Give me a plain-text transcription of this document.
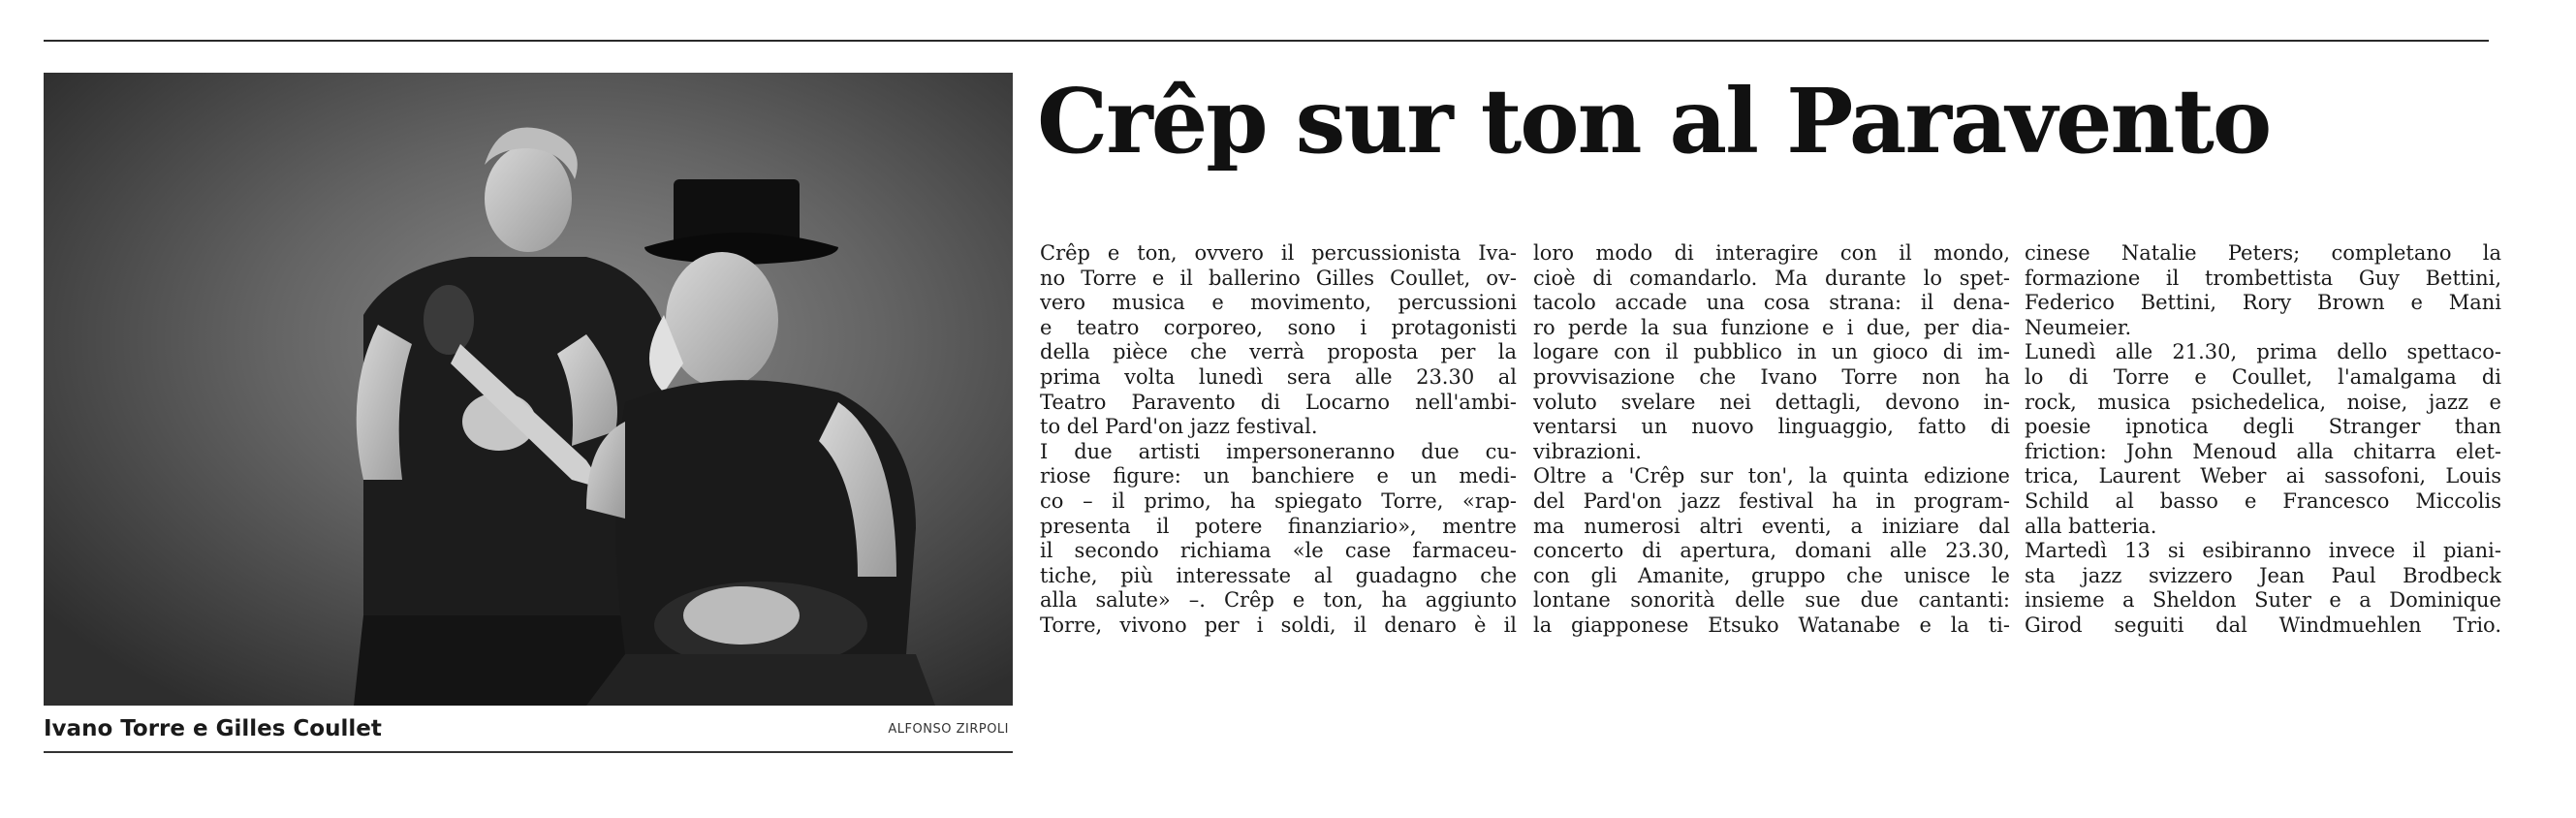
Ivano Torre e Gilles Coullet	ALFONSO ZIRPOLI
Crêp sur ton al Paravento
Crêp e ton, ovvero il percussionista Iva-
no Torre e il ballerino Gilles Coullet, ov-
vero musica e movimento, percussioni
e teatro corporeo, sono i protagonisti
della pièce che verrà proposta per la
prima volta lunedì sera alle 23.30 al
Teatro Paravento di Locarno nell'ambi-
to del Pard'on jazz festival.
I due artisti impersoneranno due cu-
riose figure: un banchiere e un medi-
co – il primo, ha spiegato Torre, «rap-
presenta il potere finanziario», mentre
il secondo richiama «le case farmaceu-
tiche, più interessate al guadagno che
alla salute» –. Crêp e ton, ha aggiunto
Torre, vivono per i soldi, il denaro è il
loro modo di interagire con il mondo,
cioè di comandarlo. Ma durante lo spet-
tacolo accade una cosa strana: il dena-
ro perde la sua funzione e i due, per dia-
logare con il pubblico in un gioco di im-
provvisazione che Ivano Torre non ha
voluto svelare nei dettagli, devono in-
ventarsi un nuovo linguaggio, fatto di
vibrazioni.
Oltre a 'Crêp sur ton', la quinta edizione
del Pard'on jazz festival ha in program-
ma numerosi altri eventi, a iniziare dal
concerto di apertura, domani alle 23.30,
con gli Amanite, gruppo che unisce le
lontane sonorità delle sue due cantanti:
la giapponese Etsuko Watanabe e la ti-
cinese Natalie Peters; completano la
formazione il trombettista Guy Bettini,
Federico Bettini, Rory Brown e Mani
Neumeier.
Lunedì alle 21.30, prima dello spettaco-
lo di Torre e Coullet, l'amalgama di
rock, musica psichedelica, noise, jazz e
poesie ipnotica degli Stranger than
friction: John Menoud alla chitarra elet-
trica, Laurent Weber ai sassofoni, Louis
Schild al basso e Francesco Miccolis
alla batteria.
Martedì 13 si esibiranno invece il piani-
sta jazz svizzero Jean Paul Brodbeck
insieme a Sheldon Suter e a Dominique
Girod seguiti dal Windmuehlen Trio.
